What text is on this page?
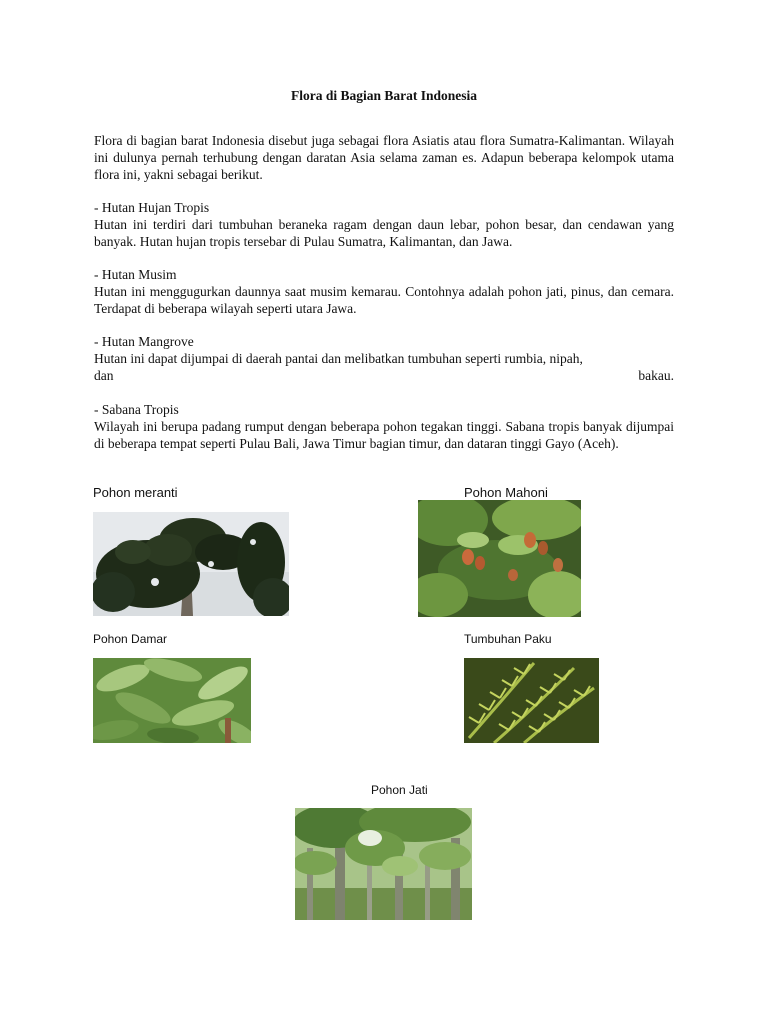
Flora di Bagian Barat Indonesia

Flora di bagian barat Indonesia disebut juga sebagai flora Asiatis atau flora Sumatra-Kalimantan. Wilayah ini dulunya pernah terhubung dengan daratan Asia selama zaman es. Adapun beberapa kelompok utama flora ini, yakni sebagai berikut.

- Hutan Hujan Tropis
Hutan ini terdiri dari tumbuhan beraneka ragam dengan daun lebar, pohon besar, dan cendawan yang banyak. Hutan hujan tropis tersebar di Pulau Sumatra, Kalimantan, dan Jawa.
- Hutan Musim
Hutan ini menggugurkan daunnya saat musim kemarau. Contohnya adalah pohon jati, pinus, dan cemara. Terdapat di beberapa wilayah seperti utara Jawa.
- Hutan Mangrove
Hutan ini dapat dijumpai di daerah pantai dan melibatkan tumbuhan seperti rumbia, nipah,
dan	bakau.
- Sabana Tropis
Wilayah ini berupa padang rumput dengan beberapa pohon tegakan tinggi. Sabana tropis banyak dijumpai di beberapa tempat seperti Pulau Bali, Jawa Timur bagian timur, dan dataran tinggi Gayo (Aceh).
Pohon meranti	Pohon Mahoni
Pohon Damar	Tumbuhan Paku
Pohon Jati
